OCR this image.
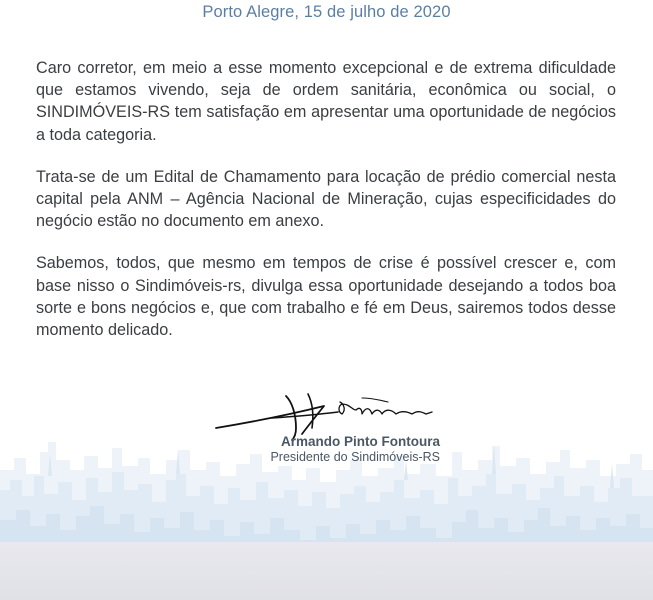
Porto Alegre, 15 de julho de 2020

Caro corretor, em meio a esse momento excepcional e de extrema dificuldade que estamos vivendo, seja de ordem sanitária, econômica ou social, o SINDIMÓVEIS-RS tem satisfação em apresentar uma oportunidade de negócios a toda categoria.

Trata-se de um Edital de Chamamento para locação de prédio comercial nesta capital pela ANM – Agência Nacional de Mineração, cujas especificidades do negócio estão no documento em anexo.

Sabemos, todos, que mesmo em tempos de crise é possível crescer e, com base nisso o Sindimóveis-rs, divulga essa oportunidade desejando a todos boa sorte e bons negócios e, que com trabalho e fé em Deus, sairemos todos desse momento delicado.

Armando Pinto Fontoura
Presidente do Sindimóveis-RS
